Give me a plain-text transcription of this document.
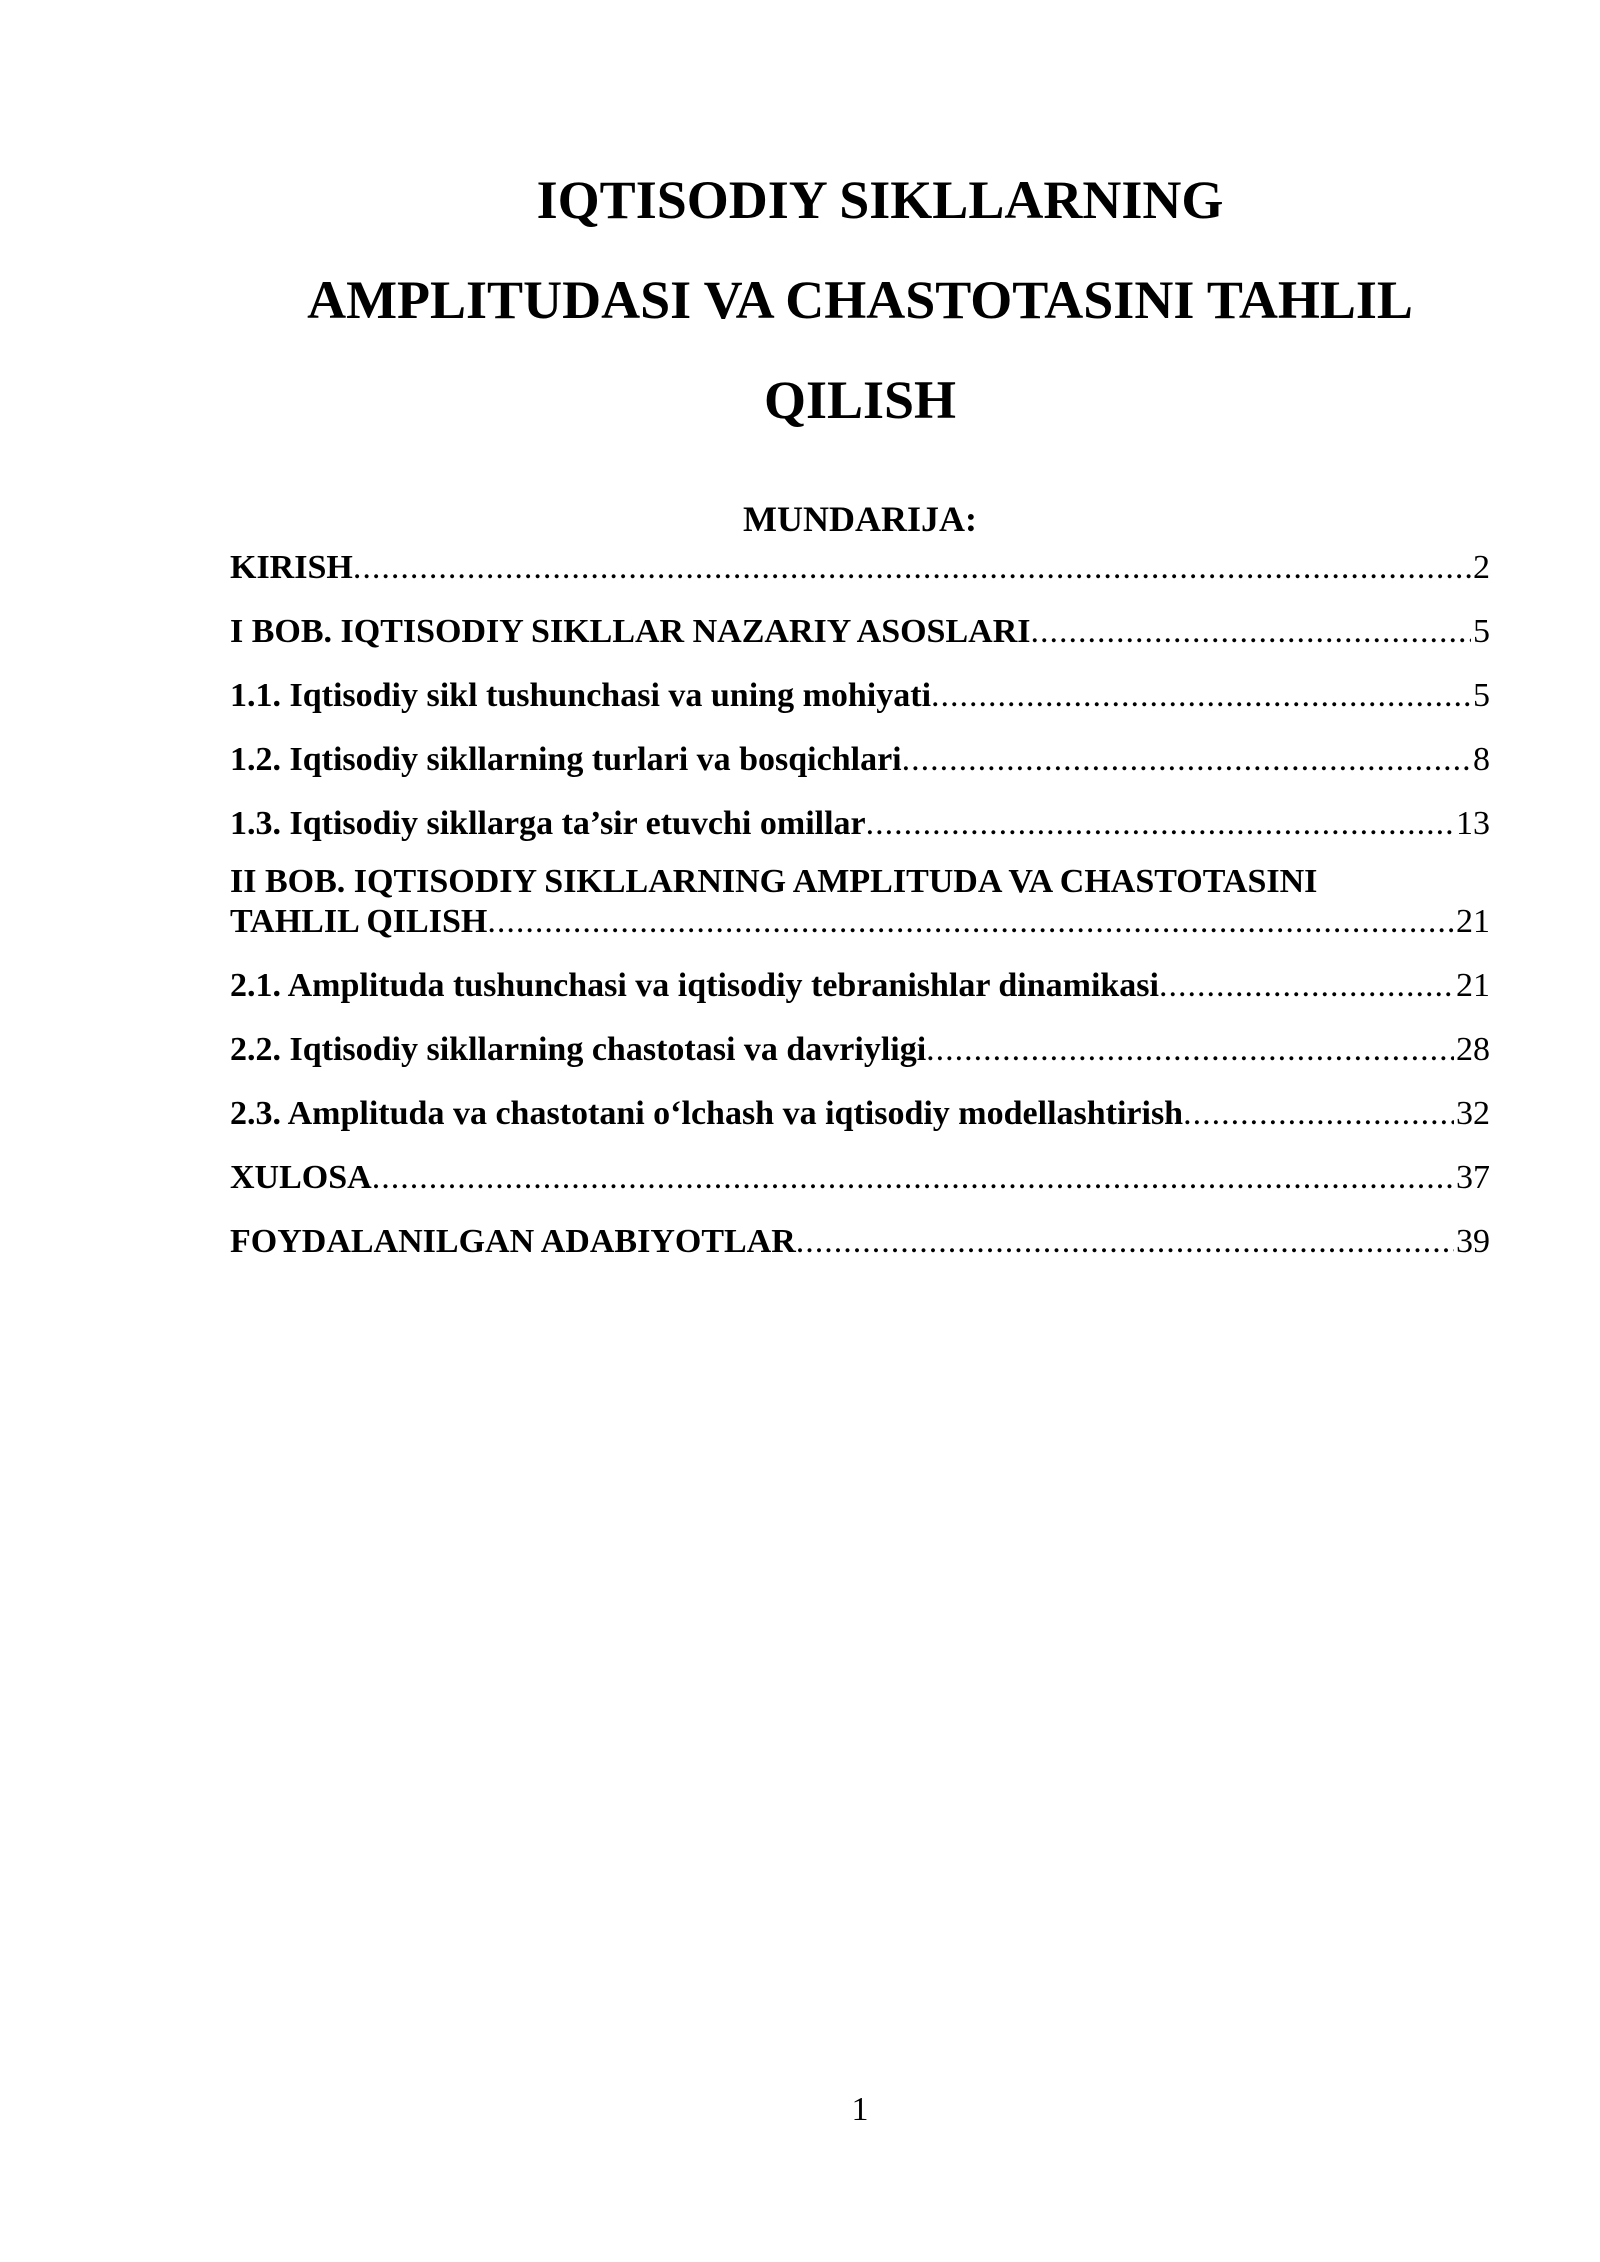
IQTISODIY SIKLLARNING
AMPLITUDASI VA CHASTOTASINI TAHLIL
QILISH
MUNDARIJA:
KIRISH .....	2
I BOB. IQTISODIY SIKLLAR NAZARIY ASOSLARI .....	5
1.1. Iqtisodiy sikl tushunchasi va uning mohiyati .....	5
1.2. Iqtisodiy sikllarning turlari va bosqichlari .....	8
1.3. Iqtisodiy sikllarga ta’sir etuvchi omillar .....	13
II BOB. IQTISODIY SIKLLARNING AMPLITUDA VA CHASTOTASINI
TAHLIL QILISH .....	21
2.1. Amplituda tushunchasi va iqtisodiy tebranishlar dinamikasi .....	21
2.2. Iqtisodiy sikllarning chastotasi va davriyligi .....	28
2.3. Amplituda va chastotani o‘lchash va iqtisodiy modellashtirish .....	32
XULOSA .....	37
FOYDALANILGAN ADABIYOTLAR .....	39
1
